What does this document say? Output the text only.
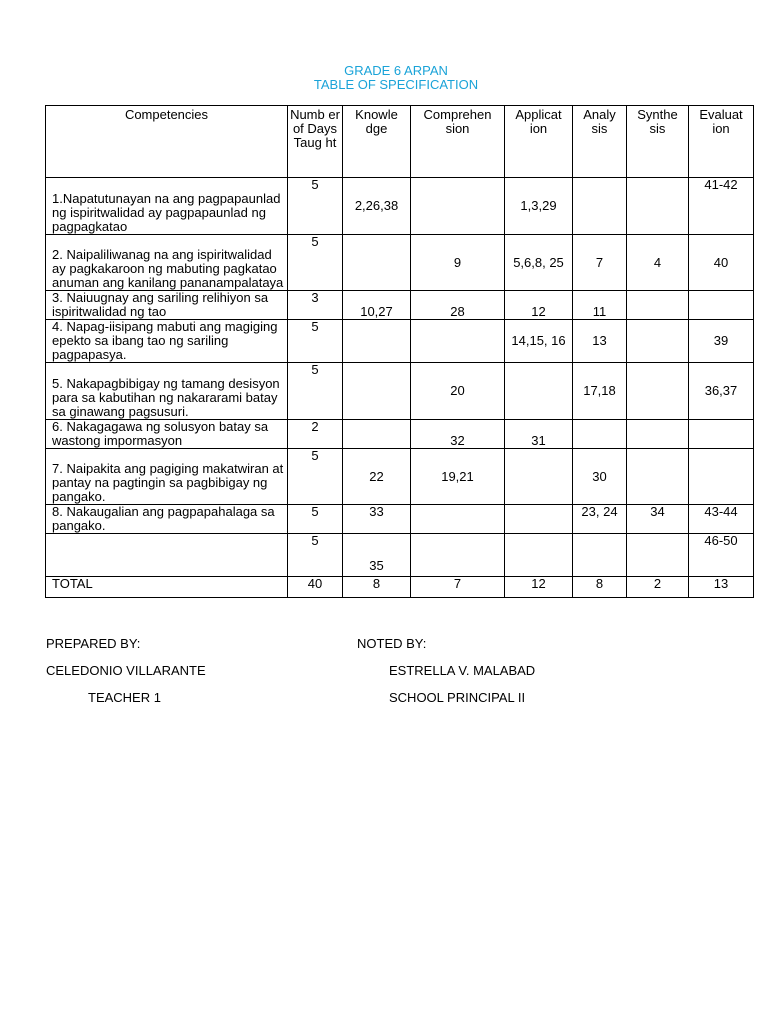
GRADE 6 ARPAN
TABLE OF SPECIFICATION
Competencies	Numb er of Days Taug ht	Knowle dge	Comprehen sion	Applicat ion	Analy sis	Synthe sis	Evaluat ion
1.Napatutunayan na ang pagpapaunlad ng ispiritwalidad ay pagpapaunlad ng pagpagkatao	5	2,26,38		1,3,29			41-42
2. Naipaliliwanag na ang ispiritwalidad ay pagkakaroon ng mabuting pagkatao anuman ang kanilang pananampalataya	5		9	5,6,8, 25	7	4	40
3. Naiuugnay ang sariling relihiyon sa ispiritwalidad ng tao	3	10,27	28	12	11		
4. Napag-iisipang mabuti ang magiging epekto sa ibang tao ng sariling pagpapasya.	5			14,15, 16	13		39
5. Nakapagbibigay ng tamang desisyon para sa kabutihan ng nakararami batay sa ginawang pagsusuri.	5		20		17,18		36,37
6. Nakagagawa ng solusyon batay sa wastong impormasyon	2		32	31			
7. Naipakita ang pagiging makatwiran at pantay na pagtingin sa pagbibigay ng pangako.	5	22	19,21		30		
8. Nakaugalian ang pagpapahalaga sa pangako.	5	33			23, 24	34	43-44
	5	35					46-50
TOTAL	40	8	7	12	8	2	13
PREPARED BY:
CELEDONIO VILLARANTE
TEACHER 1
NOTED BY:
ESTRELLA V. MALABAD
SCHOOL PRINCIPAL II
